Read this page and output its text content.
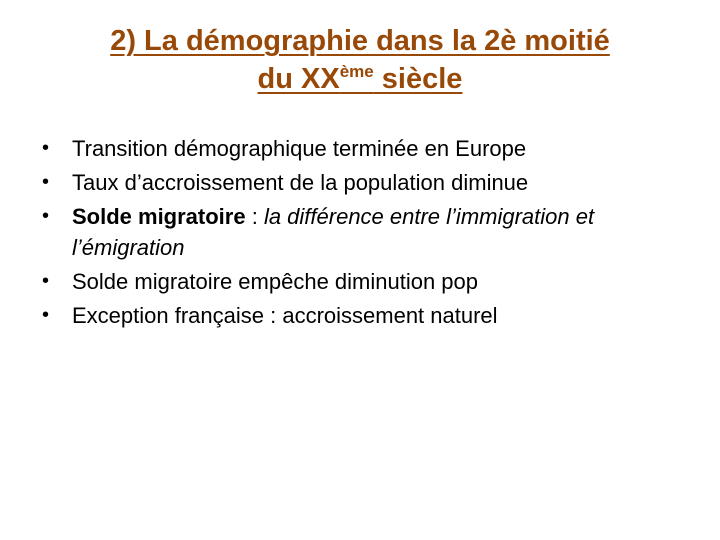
2) La démographie dans la 2è moitié
du XXème siècle
• Transition démographique terminée en Europe
• Taux d’accroissement de la population diminue
• Solde migratoire : la différence entre l’immigration et l’émigration
• Solde migratoire empêche diminution pop
• Exception française : accroissement naturel
